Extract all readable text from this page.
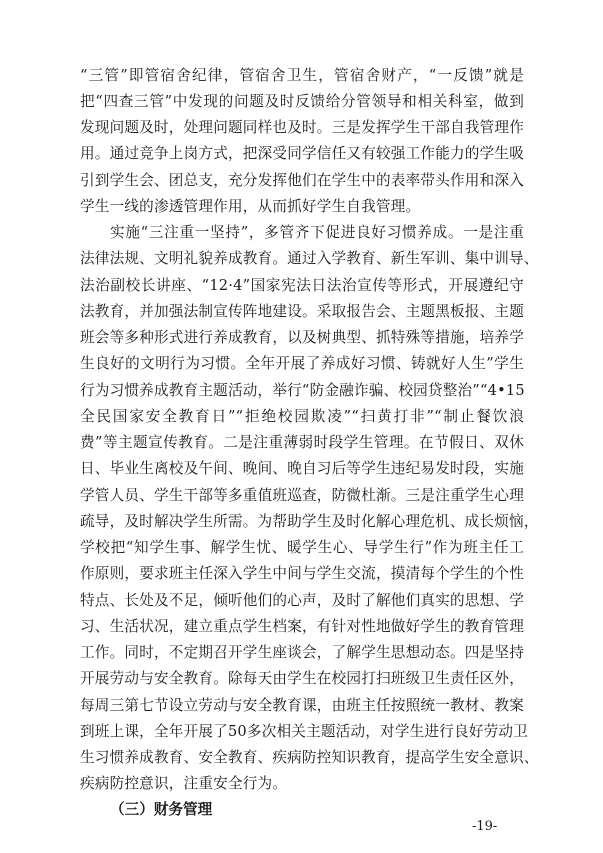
“三管”即管宿舍纪律，管宿舍卫生，管宿舍财产，“一反馈”就是
把“四查三管”中发现的问题及时反馈给分管领导和相关科室，做到
发现问题及时，处理问题同样也及时。三是发挥学生干部自我管理作
用。通过竞争上岗方式，把深受同学信任又有较强工作能力的学生吸
引到学生会、团总支，充分发挥他们在学生中的表率带头作用和深入
学生一线的渗透管理作用，从而抓好学生自我管理。
实施“三注重一坚持”，多管齐下促进良好习惯养成。一是注重
法律法规、文明礼貌养成教育。通过入学教育、新生军训、集中训导、
法治副校长讲座、“12·4”国家宪法日法治宣传等形式，开展遵纪守
法教育，并加强法制宣传阵地建设。采取报告会、主题黑板报、主题
班会等多种形式进行养成教育，以及树典型、抓特殊等措施，培养学
生良好的文明行为习惯。全年开展了养成好习惯、铸就好人生”学生
行为习惯养成教育主题活动，举行“防金融诈骗、校园贷整治”“4•15
全民国家安全教育日”“拒绝校园欺凌”“扫黄打非”“制止餐饮浪
费”等主题宣传教育。二是注重薄弱时段学生管理。在节假日、双休
日、毕业生离校及午间、晚间、晚自习后等学生违纪易发时段，实施
学管人员、学生干部等多重值班巡查，防微杜渐。三是注重学生心理
疏导，及时解决学生所需。为帮助学生及时化解心理危机、成长烦恼，
学校把“知学生事、解学生忧、暖学生心、导学生行”作为班主任工
作原则，要求班主任深入学生中间与学生交流，摸清每个学生的个性
特点、长处及不足，倾听他们的心声，及时了解他们真实的思想、学
习、生活状况，建立重点学生档案，有针对性地做好学生的教育管理
工作。同时，不定期召开学生座谈会，了解学生思想动态。四是坚持
开展劳动与安全教育。除每天由学生在校园打扫班级卫生责任区外，
每周三第七节设立劳动与安全教育课，由班主任按照统一教材、教案
到班上课，全年开展了50多次相关主题活动，对学生进行良好劳动卫
生习惯养成教育、安全教育、疾病防控知识教育，提高学生安全意识、
疾病防控意识，注重安全行为。
（三）财务管理
-19-
